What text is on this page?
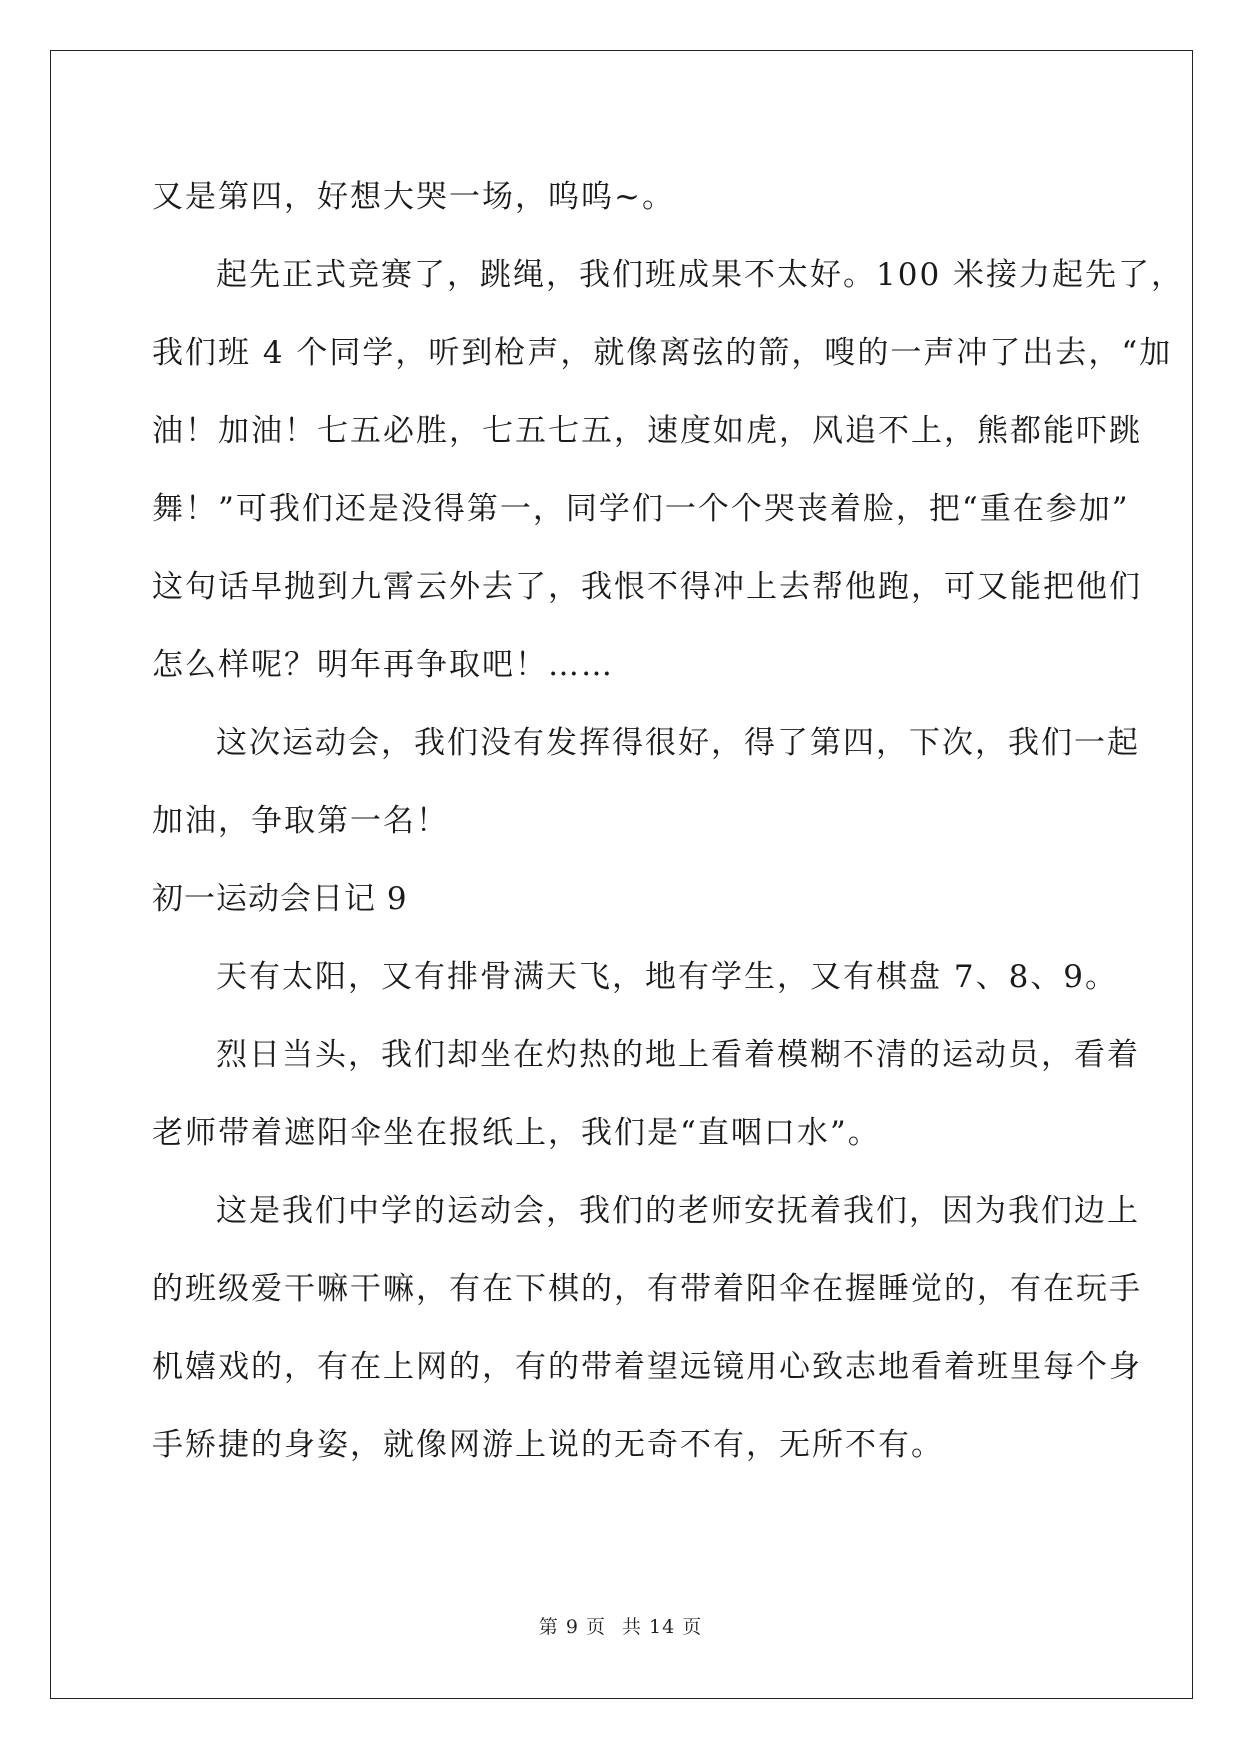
又是第四，好想大哭一场，呜呜~。

起先正式竞赛了，跳绳，我们班成果不太好。100 米接力起先了，

我们班 4 个同学，听到枪声，就像离弦的箭，嗖的一声冲了出去，“加

油！加油！七五必胜，七五七五，速度如虎，风追不上，熊都能吓跳

舞！”可我们还是没得第一，同学们一个个哭丧着脸，把“重在参加”

这句话早抛到九霄云外去了，我恨不得冲上去帮他跑，可又能把他们

怎么样呢？明年再争取吧！……

这次运动会，我们没有发挥得很好，得了第四，下次，我们一起

加油，争取第一名！

初一运动会日记 9

天有太阳，又有排骨满天飞，地有学生，又有棋盘 7、8、9。

烈日当头，我们却坐在灼热的地上看着模糊不清的运动员，看着

老师带着遮阳伞坐在报纸上，我们是“直咽口水”。

这是我们中学的运动会，我们的老师安抚着我们，因为我们边上

的班级爱干嘛干嘛，有在下棋的，有带着阳伞在握睡觉的，有在玩手

机嬉戏的，有在上网的，有的带着望远镜用心致志地看着班里每个身

手矫捷的身姿，就像网游上说的无奇不有，无所不有。

第 9 页 共 14 页
